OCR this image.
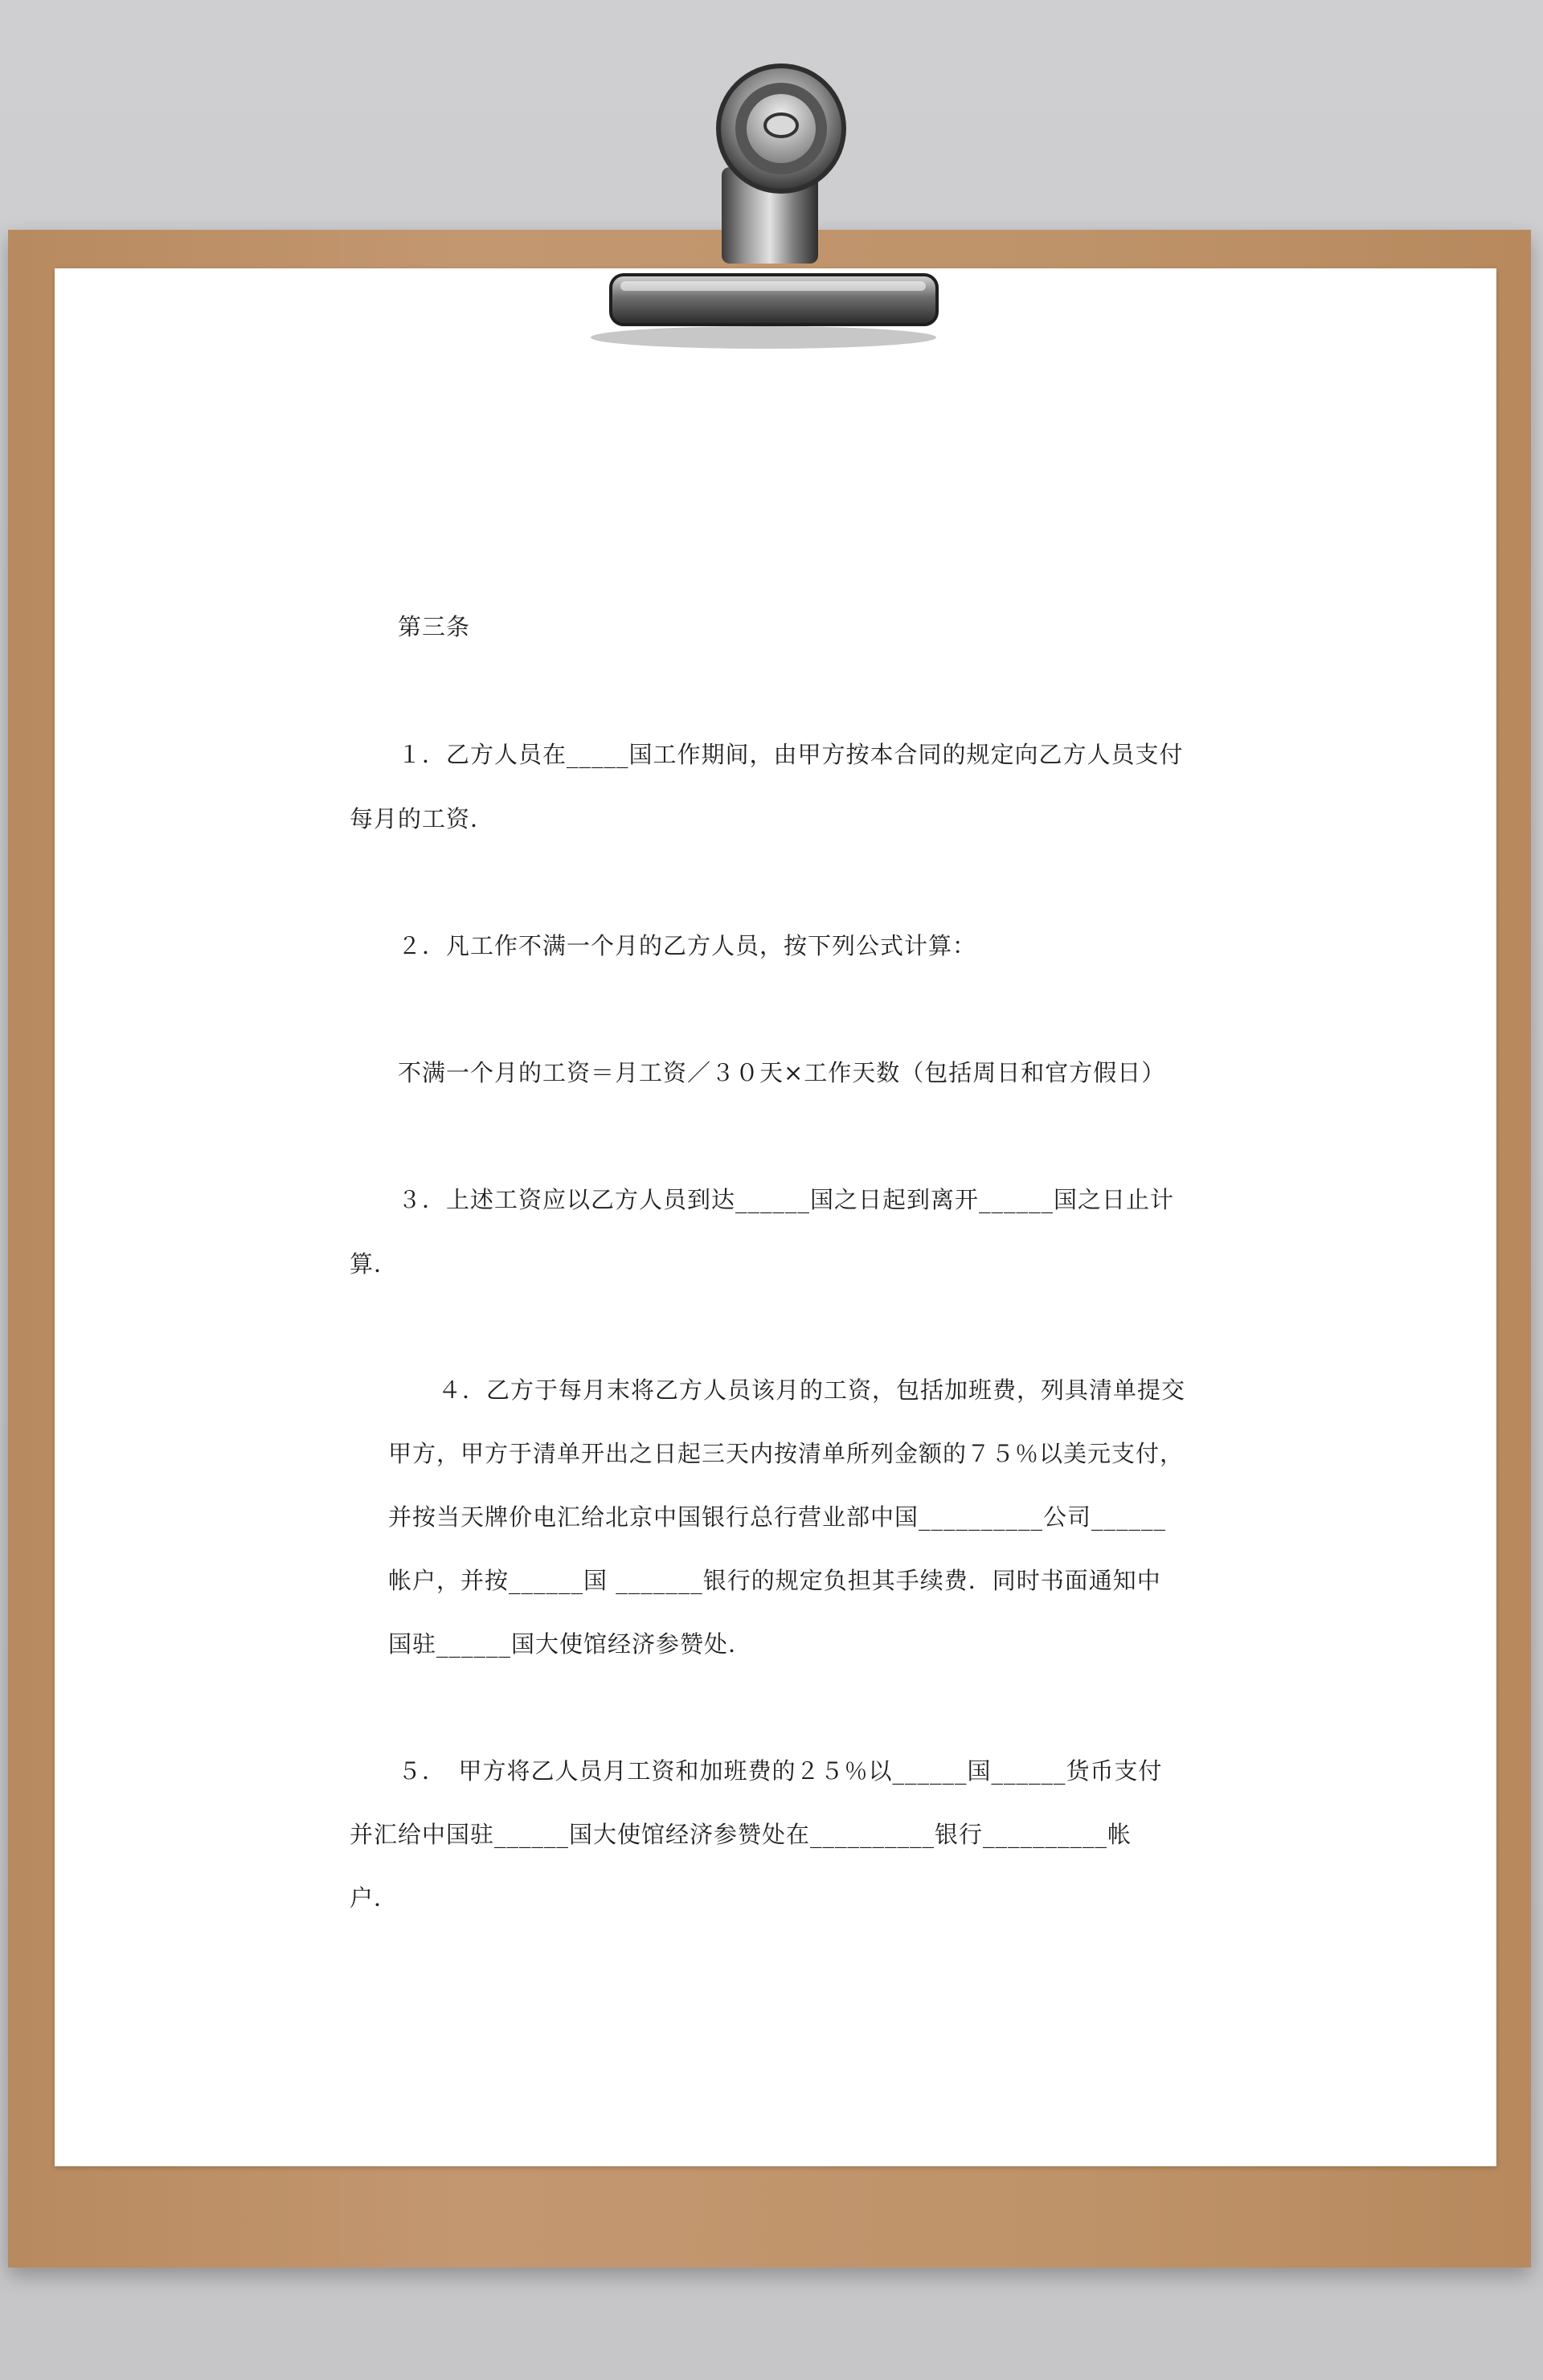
第三条
１．乙方人员在_____国工作期间，由甲方按本合同的规定向乙方人员支付
每月的工资．
２．凡工作不满一个月的乙方人员，按下列公式计算：
不满一个月的工资＝月工资／３０天×工作天数（包括周日和官方假日）
３．上述工资应以乙方人员到达______国之日起到离开______国之日止计
算．
４．乙方于每月末将乙方人员该月的工资，包括加班费，列具清单提交
甲方，甲方于清单开出之日起三天内按清单所列金额的７５％以美元支付，
并按当天牌价电汇给北京中国银行总行营业部中国__________公司______
帐户，并按______国 _______银行的规定负担其手续费．同时书面通知中
国驻______国大使馆经济参赞处．
５．　甲方将乙人员月工资和加班费的２５％以______国______货币支付
并汇给中国驻______国大使馆经济参赞处在__________银行__________帐
户．
